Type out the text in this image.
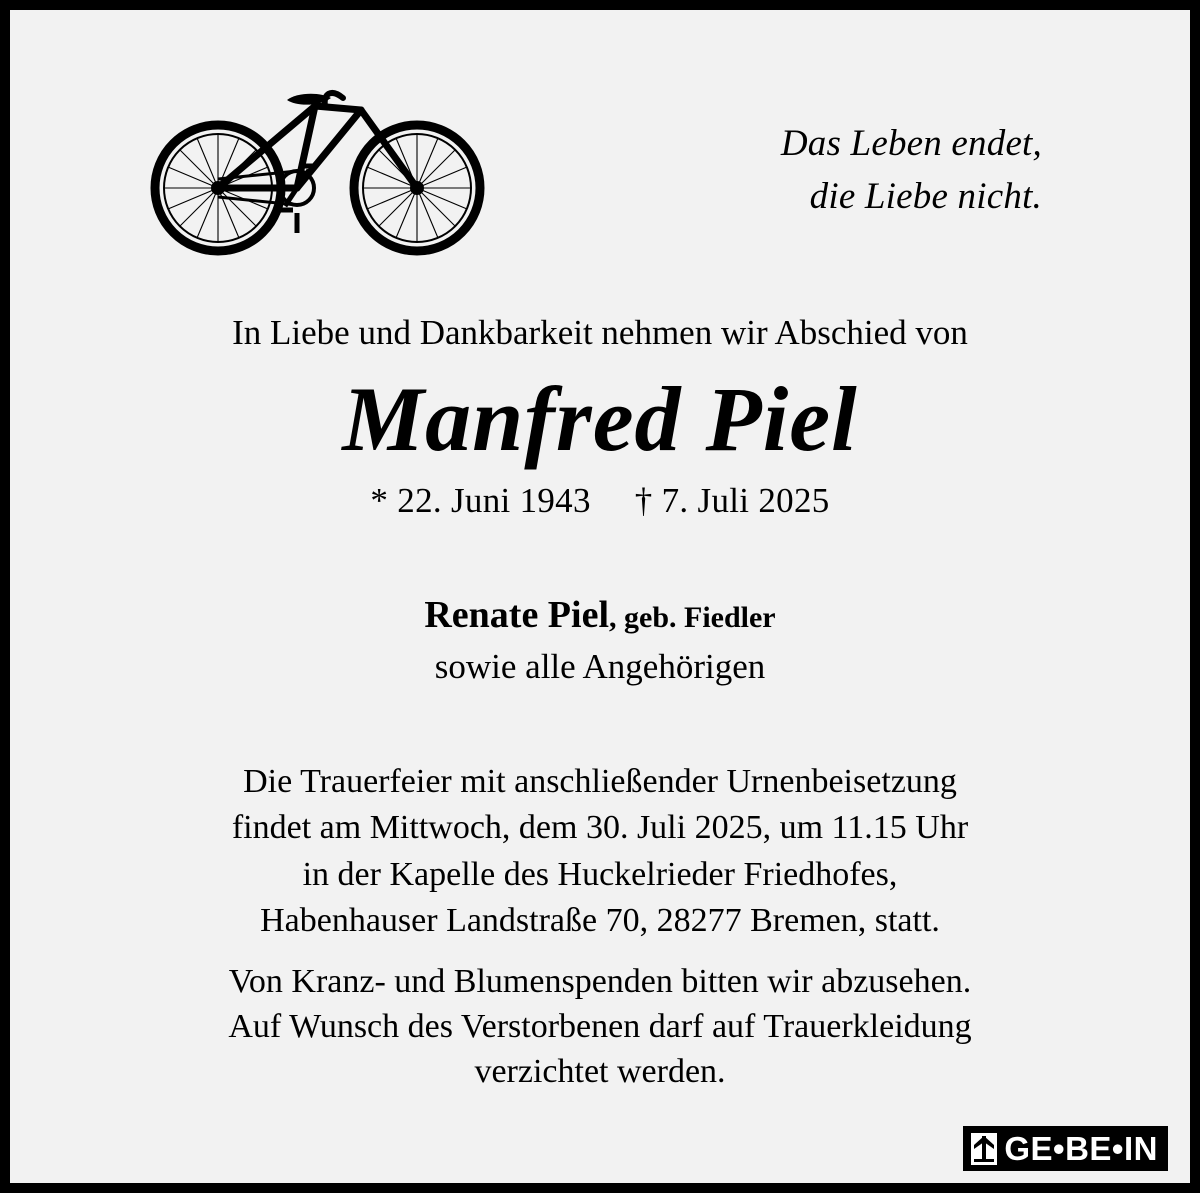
Das Leben endet,
die Liebe nicht.
In Liebe und Dankbarkeit nehmen wir Abschied von
Manfred Piel
* 22. Juni 1943 † 7. Juli 2025
Renate Piel, geb. Fiedler
sowie alle Angehörigen
Die Trauerfeier mit anschließender Urnenbeisetzung
findet am Mittwoch, dem 30. Juli 2025, um 11.15 Uhr
in der Kapelle des Huckelrieder Friedhofes,
Habenhauser Landstraße 70, 28277 Bremen, statt.
Von Kranz- und Blumenspenden bitten wir abzusehen.
Auf Wunsch des Verstorbenen darf auf Trauerkleidung
verzichtet werden.
GE•BE•IN
